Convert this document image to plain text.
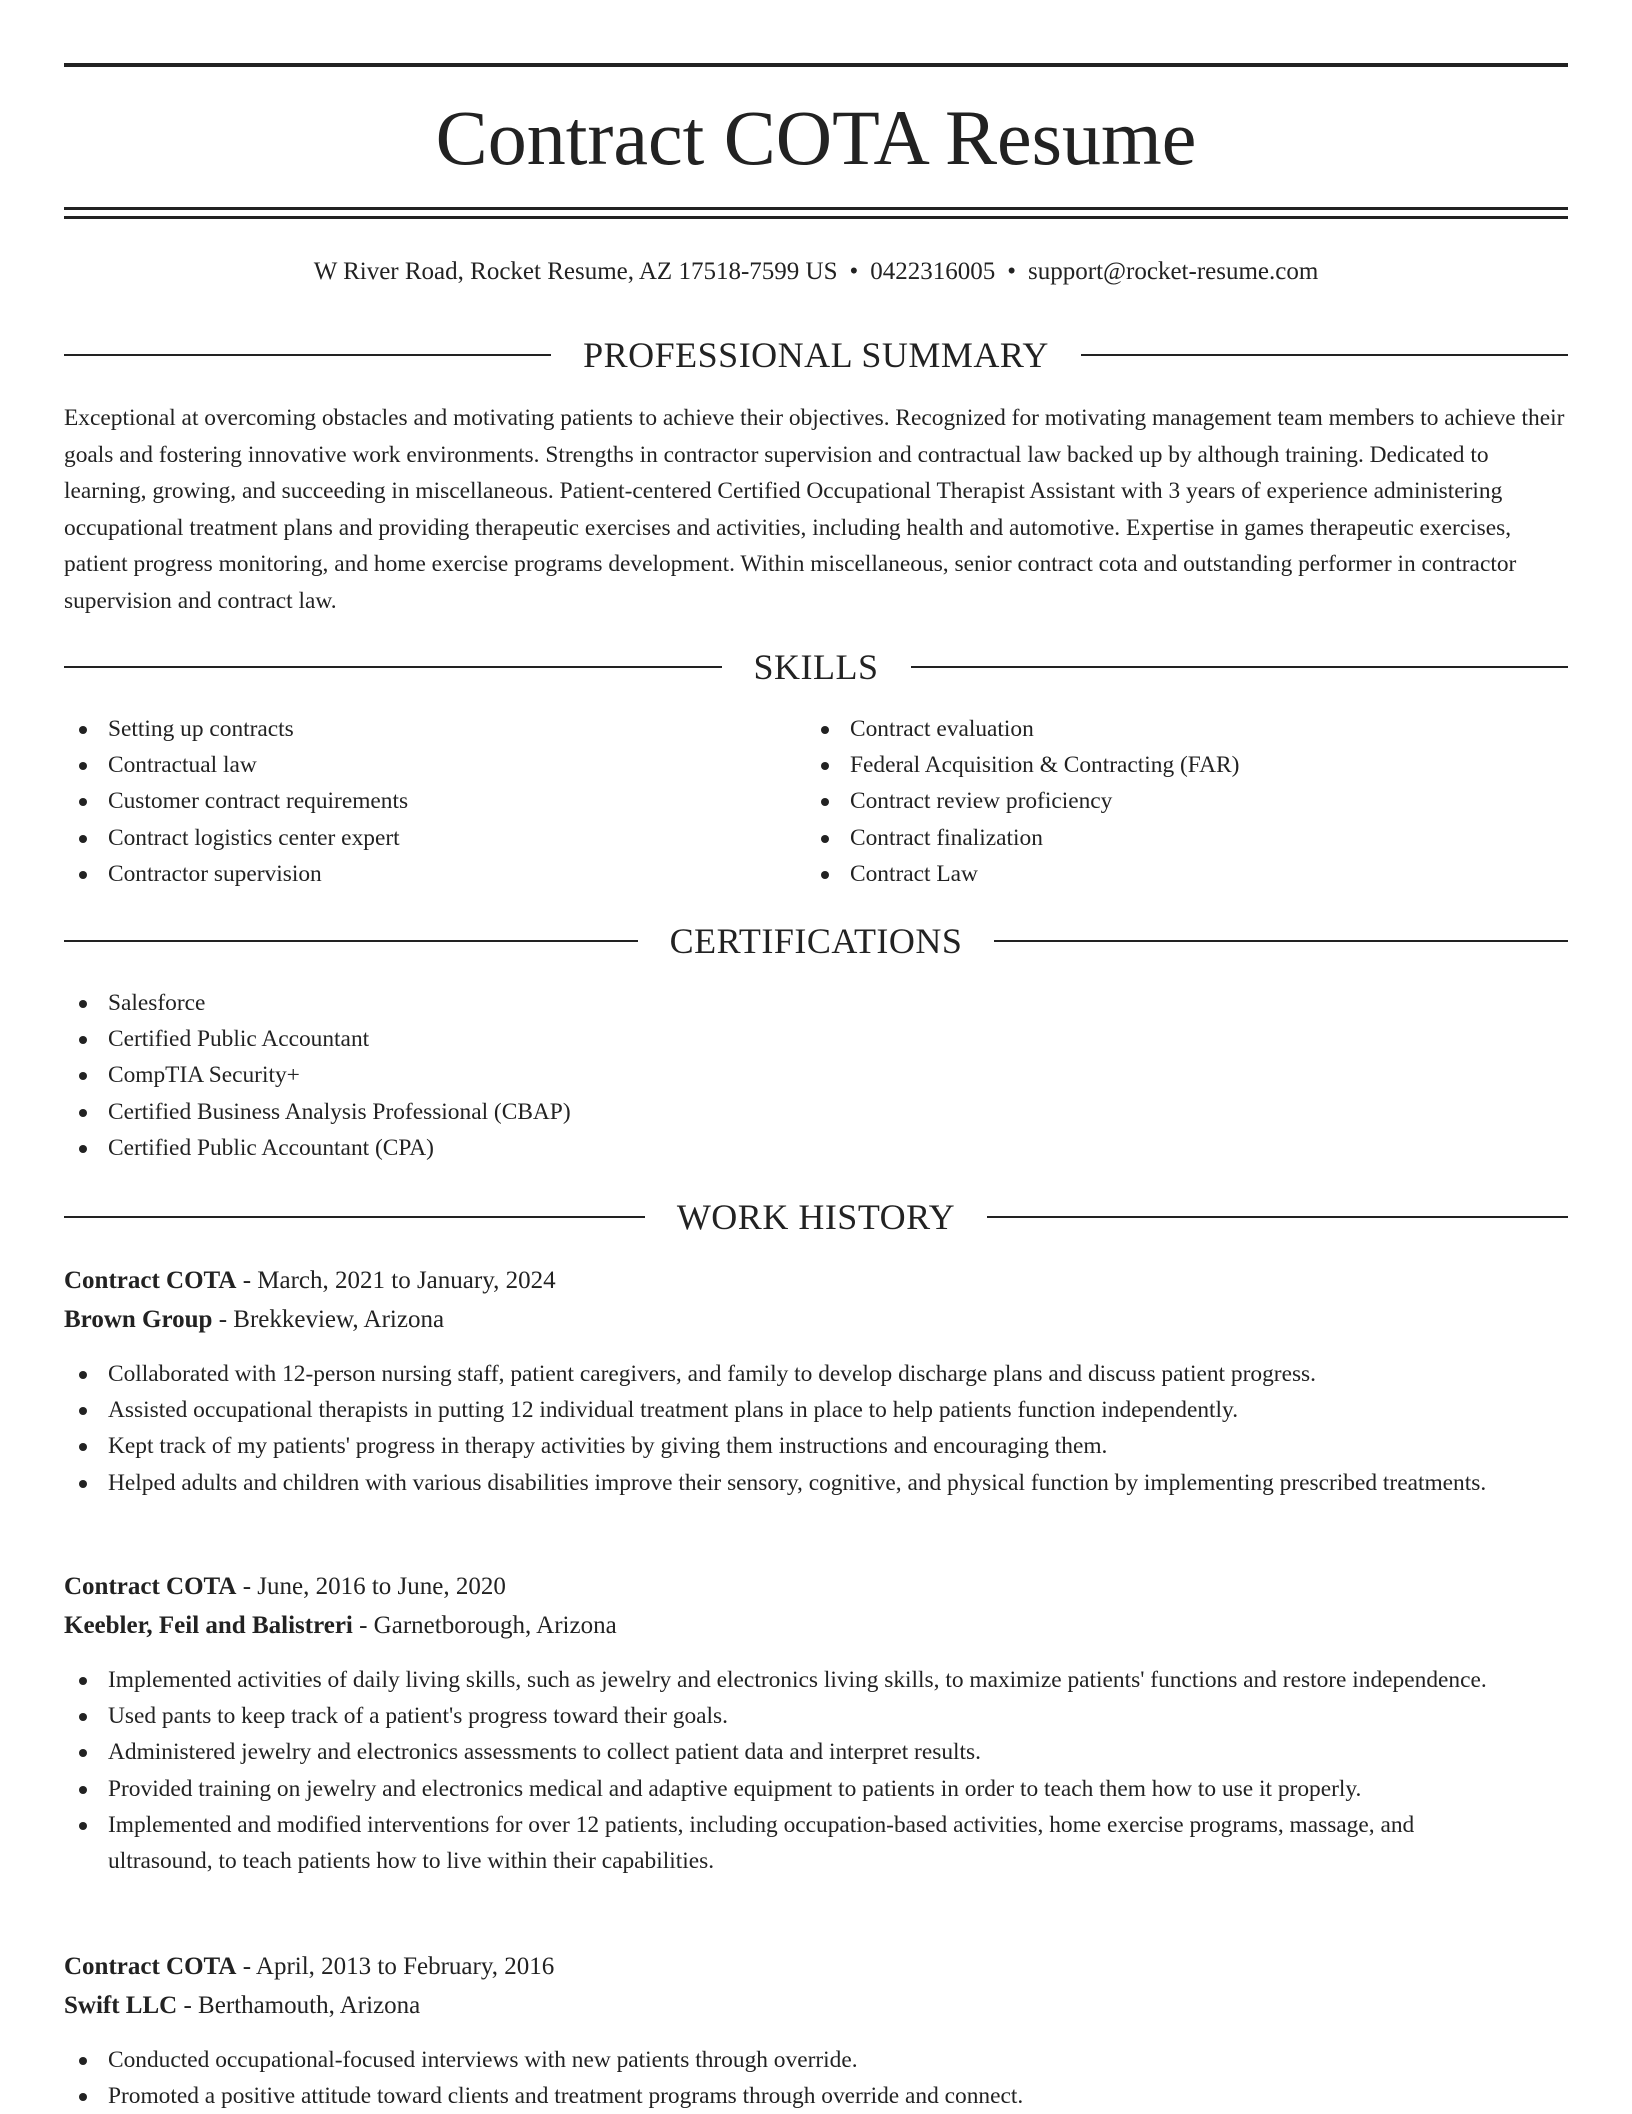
Contract COTA Resume
W River Road, Rocket Resume, AZ 17518-7599 US • 0422316005 • support@rocket-resume.com
PROFESSIONAL SUMMARY

Exceptional at overcoming obstacles and motivating patients to achieve their objectives. Recognized for motivating management team members to achieve their goals and fostering innovative work environments. Strengths in contractor supervision and contractual law backed up by although training. Dedicated to learning, growing, and succeeding in miscellaneous. Patient-centered Certified Occupational Therapist Assistant with 3 years of experience administering occupational treatment plans and providing therapeutic exercises and activities, including health and automotive. Expertise in games therapeutic exercises, patient progress monitoring, and home exercise programs development. Within miscellaneous, senior contract cota and outstanding performer in contractor supervision and contract law.

SKILLS
Setting up contracts
Contractual law
Customer contract requirements
Contract logistics center expert
Contractor supervision
Contract evaluation
Federal Acquisition & Contracting (FAR)
Contract review proficiency
Contract finalization
Contract Law
CERTIFICATIONS
Salesforce
Certified Public Accountant
CompTIA Security+
Certified Business Analysis Professional (CBAP)
Certified Public Accountant (CPA)
WORK HISTORY
Contract COTA - March, 2021 to January, 2024
Brown Group - Brekkeview, Arizona
Collaborated with 12-person nursing staff, patient caregivers, and family to develop discharge plans and discuss patient progress.
Assisted occupational therapists in putting 12 individual treatment plans in place to help patients function independently.
Kept track of my patients' progress in therapy activities by giving them instructions and encouraging them.
Helped adults and children with various disabilities improve their sensory, cognitive, and physical function by implementing prescribed treatments.
Contract COTA - June, 2016 to June, 2020
Keebler, Feil and Balistreri - Garnetborough, Arizona
Implemented activities of daily living skills, such as jewelry and electronics living skills, to maximize patients' functions and restore independence.
Used pants to keep track of a patient's progress toward their goals.
Administered jewelry and electronics assessments to collect patient data and interpret results.
Provided training on jewelry and electronics medical and adaptive equipment to patients in order to teach them how to use it properly.
Implemented and modified interventions for over 12 patients, including occupation-based activities, home exercise programs, massage, and ultrasound, to teach patients how to live within their capabilities.
Contract COTA - April, 2013 to February, 2016
Swift LLC - Berthamouth, Arizona
Conducted occupational-focused interviews with new patients through override.
Promoted a positive attitude toward clients and treatment programs through override and connect.
